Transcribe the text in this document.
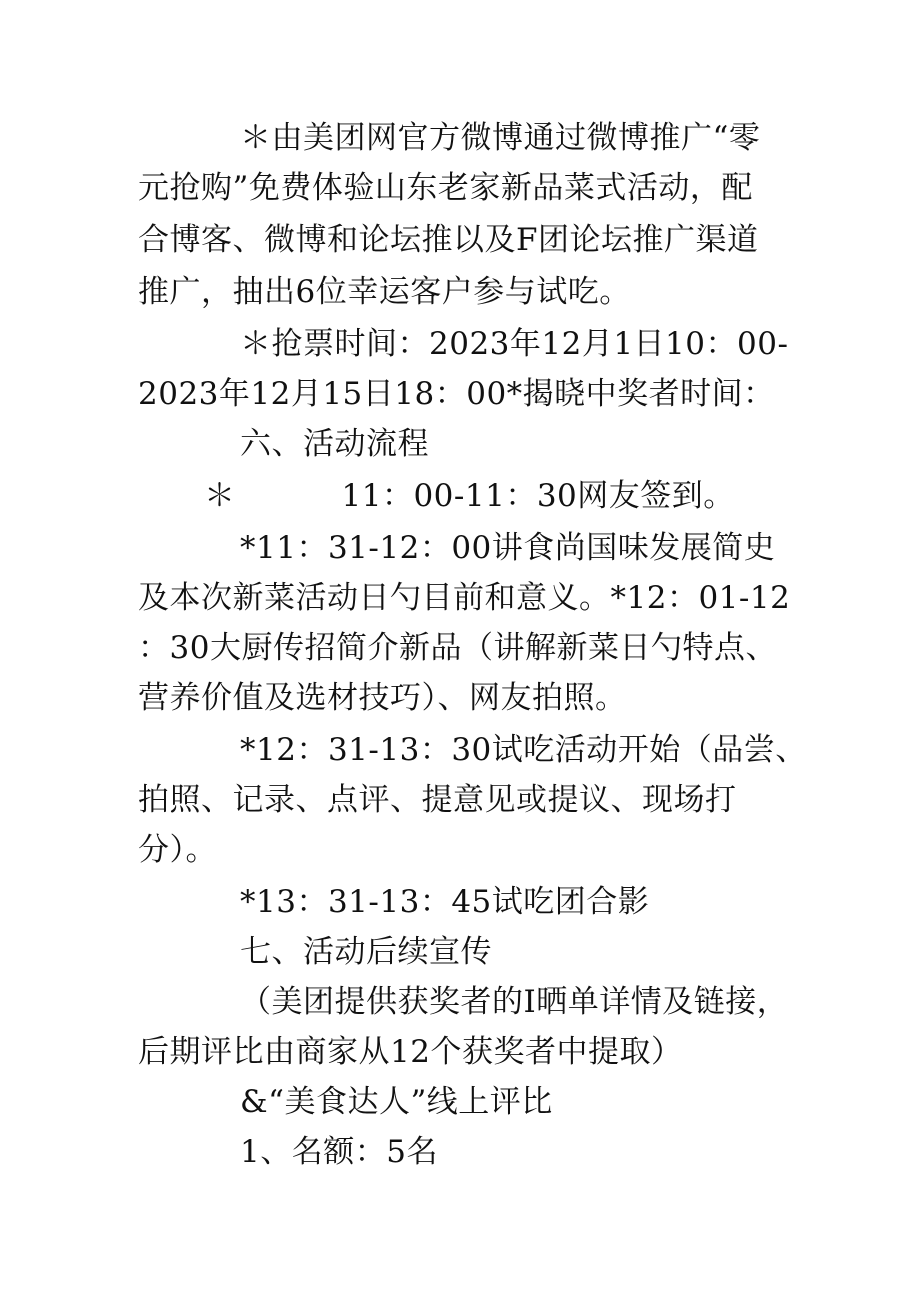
＊由美团网官方微博通过微博推广“零
元抢购”免费体验山东老家新品菜式活动，配
合博客、微博和论坛推以及F团论坛推广渠道
推广，抽出6位幸运客户参与试吃。
＊抢票时间：2023年12月1日10：00-
2023年12月15日18：00*揭晓中奖者时间：
六、活动流程
＊	11：00-11：30网友签到。
*11：31-12：00讲食尚国味发展简史
及本次新菜活动日勺目前和意义。*12：01-12
：30大厨传招简介新品（讲解新菜日勺特点、
营养价值及选材技巧）、网友拍照。
*12：31-13：30试吃活动开始（品尝、
拍照、记录、点评、提意见或提议、现场打
分）。
*13：31-13：45试吃团合影
七、活动后续宣传
（美团提供获奖者的I晒单详情及链接，
后期评比由商家从12个获奖者中提取）
&“美食达人”线上评比
1、名额：5名
